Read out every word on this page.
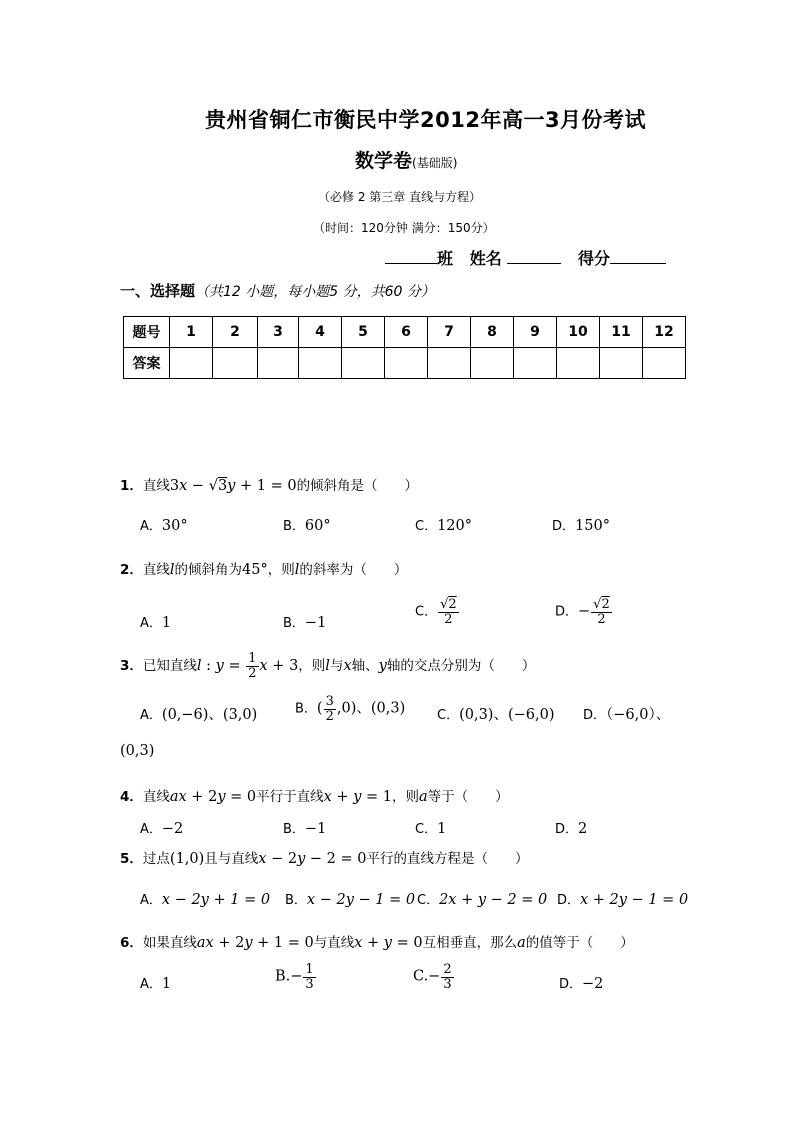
贵州省铜仁市衡民中学2012年高一3月份考试
数学卷(基础版)
（必修 2 第三章 直线与方程）
（时间：120分钟 满分：150分）
班 姓名	得分
一、选择题（共12 小题，每小题5 分，共60 分）
题号	1	2	3	4	5	6	7	8	9	10	11	12
答案												
1．直线3x − √3y + 1 = 0的倾斜角是（　　）
A．30°	B．60°	C．120°	D．150°
2．直线l的倾斜角为45°，则l的斜率为（　　）
A．1	B．−1
C． $\frac{√2}{2}$	D．− $\frac{√2}{2}$
3．已知直线l : $y = \frac{1}{2}$ x + 3，则l与x轴、y轴的交点分别为（　　）
A．(0,−6)、(3,0)	B．( $\frac{3}{2} ,0$)、(0,3) C．(0,3)、(−6,0) D．（−6,0）、
(0,3)
4．直线ax + 2y = 0平行于直线x + y = 1，则a等于（　　）
A．−2	B．−1	C．1	D．2
5．过点(1,0)且与直线x − 2y − 2 = 0平行的直线方程是（　　）
A．x − 2y + 1 = 0 B．x − 2y − 1 = 0 C．2x + y − 2 = 0 D．x + 2y − 1 = 0
6．如果直线ax + 2y + 1 = 0与直线x + y = 0互相垂直，那么a的值等于（　　）
A．1	$B.- \frac{1}{3}$	$C.- \frac{2}{3}$	D．−2
